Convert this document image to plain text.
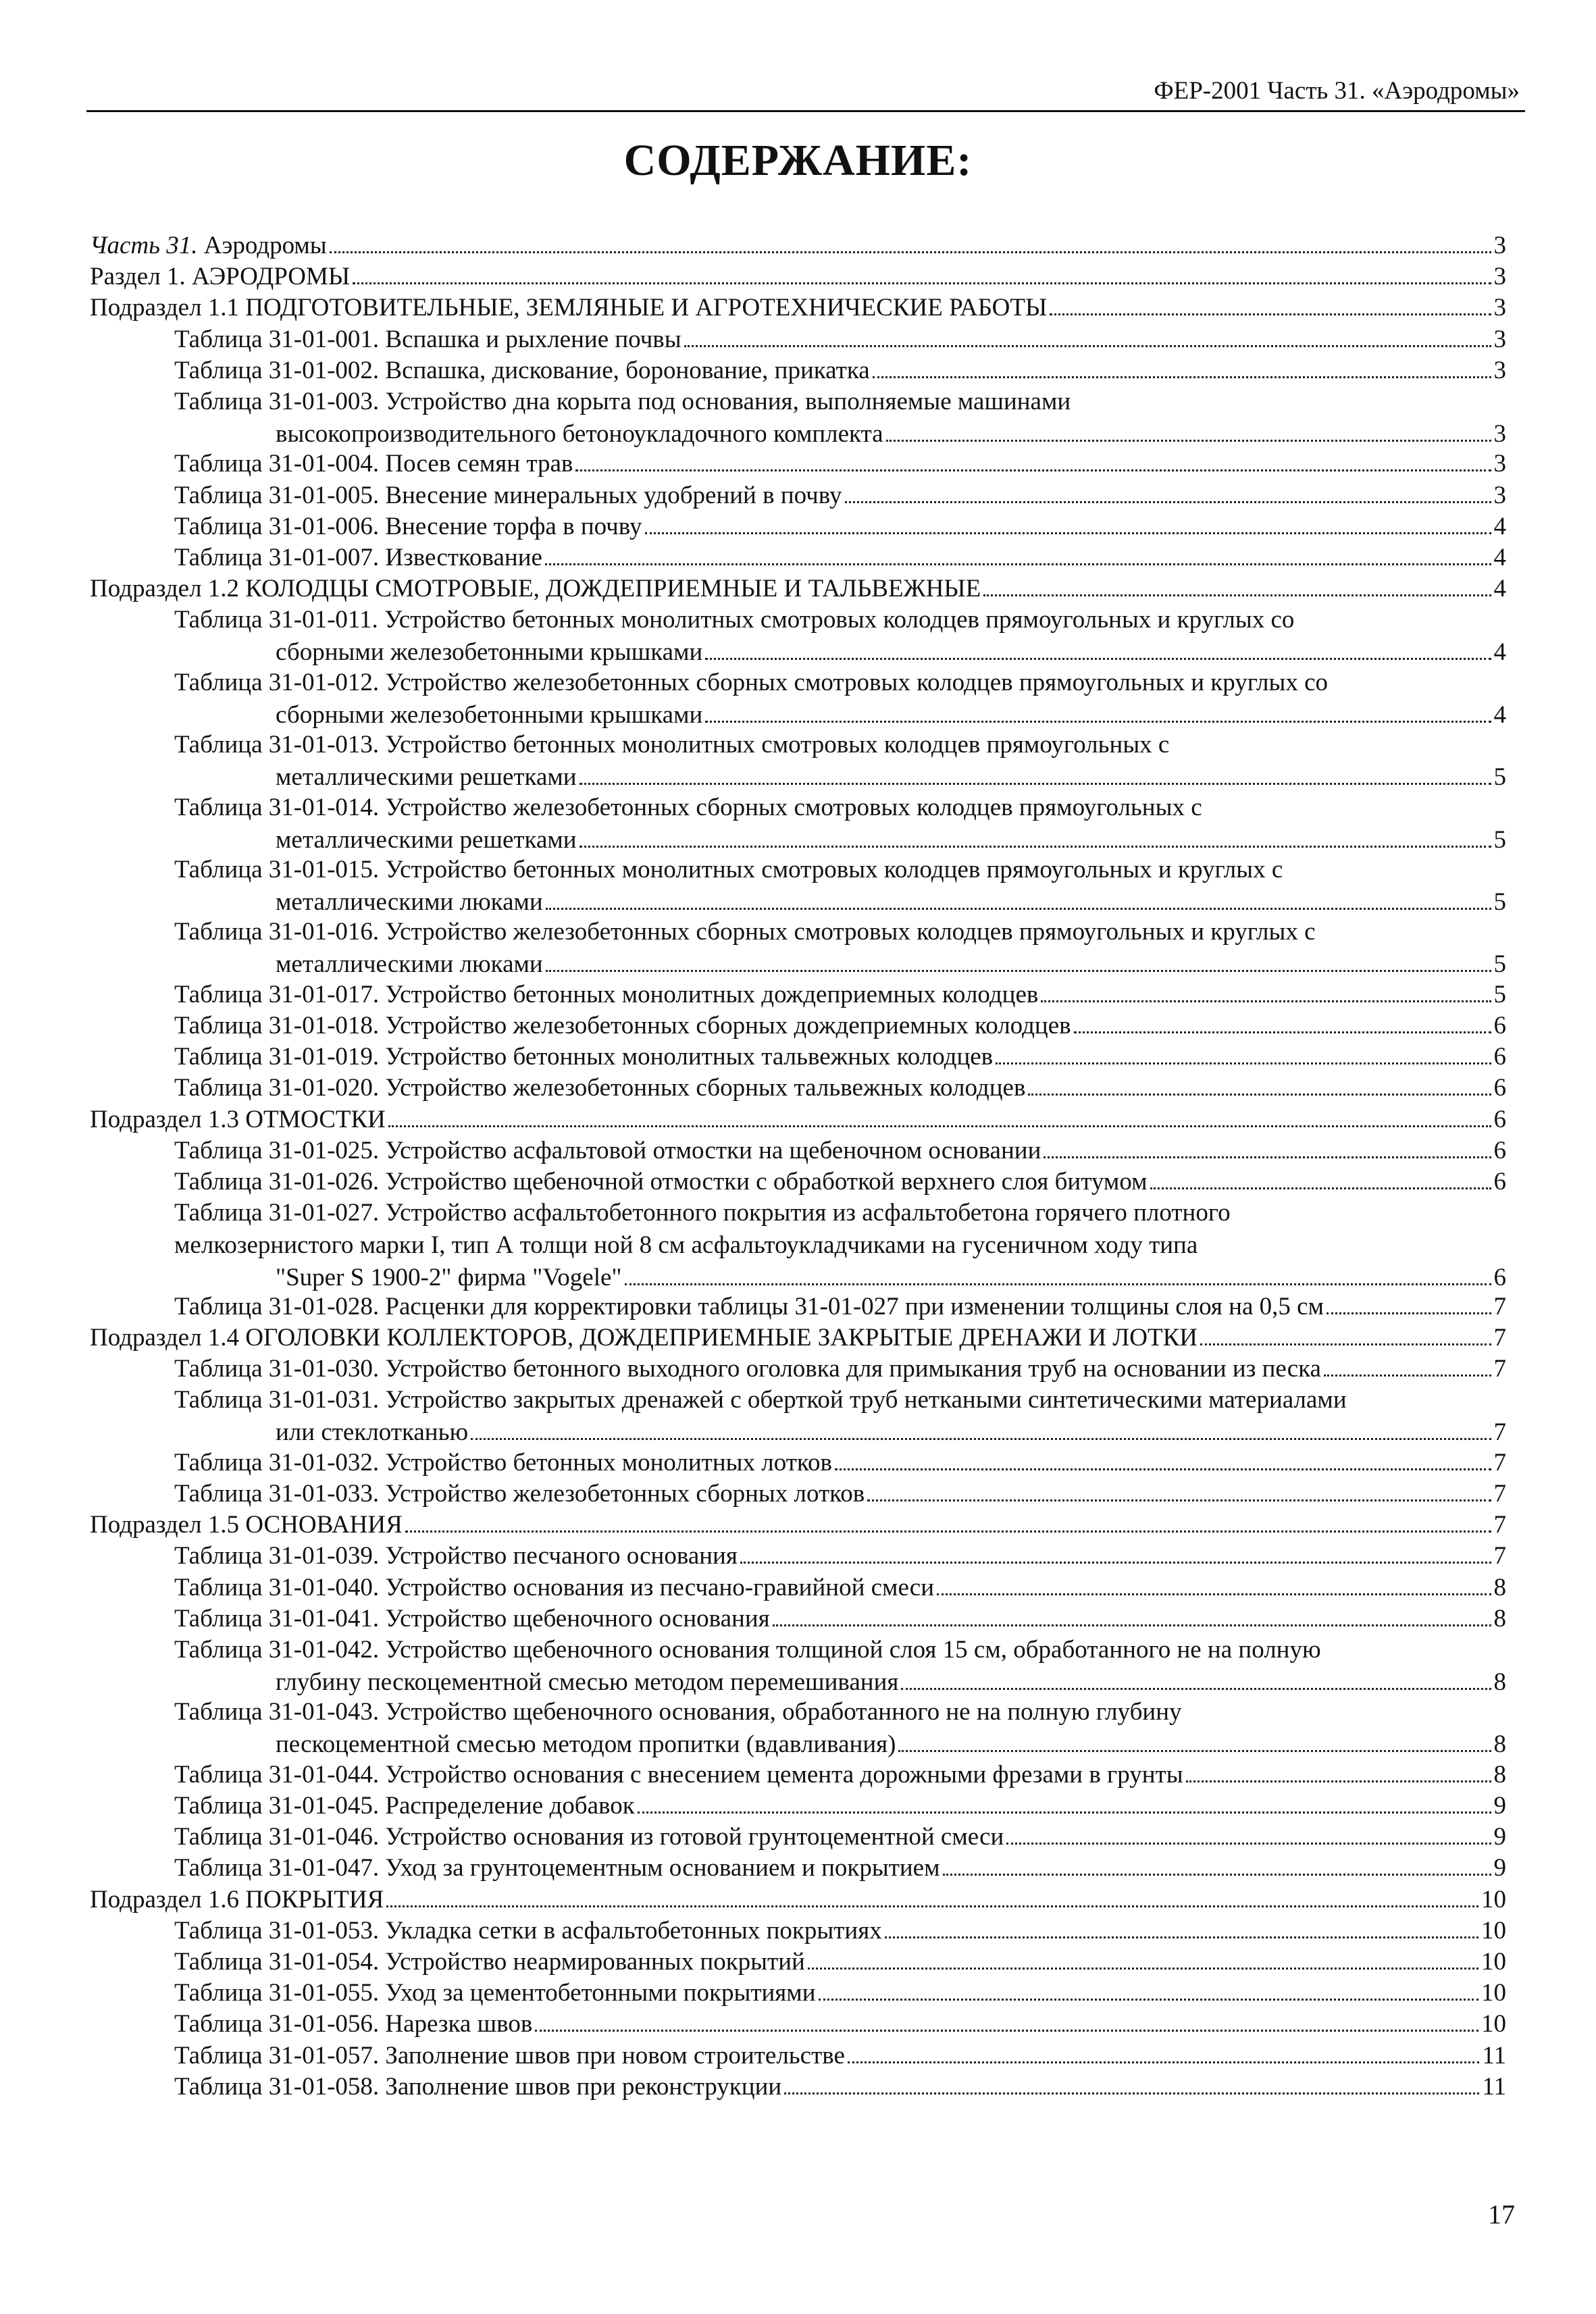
ФЕР-2001 Часть 31. «Аэродромы»
СОДЕРЖАНИЕ:
Часть 31. Аэродромы	3
Раздел 1. АЭРОДРОМЫ	3
Подраздел 1.1 ПОДГОТОВИТЕЛЬНЫЕ, ЗЕМЛЯНЫЕ И АГРОТЕХНИЧЕСКИЕ РАБОТЫ	3
Таблица 31-01-001. Вспашка и рыхление почвы	3
Таблица 31-01-002. Вспашка, дискование, боронование, прикатка	3
Таблица 31-01-003. Устройство дна корыта под основания, выполняемые машинами
высокопроизводительного бетоноукладочного комплекта	3
Таблица 31-01-004. Посев семян трав	3
Таблица 31-01-005. Внесение минеральных удобрений в почву	3
Таблица 31-01-006. Внесение торфа в почву	4
Таблица 31-01-007. Известкование	4
Подраздел 1.2 КОЛОДЦЫ СМОТРОВЫЕ, ДОЖДЕПРИЕМНЫЕ И ТАЛЬВЕЖНЫЕ	4
Таблица 31-01-011. Устройство бетонных монолитных смотровых колодцев прямоугольных и круглых со
сборными железобетонными крышками	4
Таблица 31-01-012. Устройство железобетонных сборных смотровых колодцев прямоугольных и круглых со
сборными железобетонными крышками	4
Таблица 31-01-013. Устройство бетонных монолитных смотровых колодцев прямоугольных с
металлическими решетками	5
Таблица 31-01-014. Устройство железобетонных сборных смотровых колодцев прямоугольных с
металлическими решетками	5
Таблица 31-01-015. Устройство бетонных монолитных смотровых колодцев прямоугольных и круглых с
металлическими люками	5
Таблица 31-01-016. Устройство железобетонных сборных смотровых колодцев прямоугольных и круглых с
металлическими люками	5
Таблица 31-01-017. Устройство бетонных монолитных дождеприемных колодцев	5
Таблица 31-01-018. Устройство железобетонных сборных дождеприемных колодцев	6
Таблица 31-01-019. Устройство бетонных монолитных тальвежных колодцев	6
Таблица 31-01-020. Устройство железобетонных сборных тальвежных колодцев	6
Подраздел 1.3 ОТМОСТКИ	6
Таблица 31-01-025. Устройство асфальтовой отмостки на щебеночном основании	6
Таблица 31-01-026. Устройство щебеночной отмостки с обработкой верхнего слоя битумом	6
Таблица 31-01-027. Устройство асфальтобетонного покрытия из асфальтобетона горячего плотного
мелкозернистого марки I, тип А толщи ной 8 см асфальтоукладчиками на гусеничном ходу типа
"Super S 1900-2" фирма "Vogele"	6
Таблица 31-01-028. Расценки для корректировки таблицы 31-01-027 при изменении толщины слоя на 0,5 см	7
Подраздел 1.4 ОГОЛОВКИ КОЛЛЕКТОРОВ, ДОЖДЕПРИЕМНЫЕ ЗАКРЫТЫЕ ДРЕНАЖИ И ЛОТКИ	7
Таблица 31-01-030. Устройство бетонного выходного оголовка для примыкания труб на основании из песка	7
Таблица 31-01-031. Устройство закрытых дренажей с оберткой труб неткаными синтетическими материалами
или стеклотканью	7
Таблица 31-01-032. Устройство бетонных монолитных лотков	7
Таблица 31-01-033. Устройство железобетонных сборных лотков	7
Подраздел 1.5 ОСНОВАНИЯ	7
Таблица 31-01-039. Устройство песчаного основания	7
Таблица 31-01-040. Устройство основания из песчано-гравийной смеси	8
Таблица 31-01-041. Устройство щебеночного основания	8
Таблица 31-01-042. Устройство щебеночного основания толщиной слоя 15 см, обработанного не на полную
глубину пескоцементной смесью методом перемешивания	8
Таблица 31-01-043. Устройство щебеночного основания, обработанного не на полную глубину
пескоцементной смесью методом пропитки (вдавливания)	8
Таблица 31-01-044. Устройство основания с внесением цемента дорожными фрезами в грунты	8
Таблица 31-01-045. Распределение добавок	9
Таблица 31-01-046. Устройство основания из готовой грунтоцементной смеси	9
Таблица 31-01-047. Уход за грунтоцементным основанием и покрытием	9
Подраздел 1.6 ПОКРЫТИЯ	10
Таблица 31-01-053. Укладка сетки в асфальтобетонных покрытиях	10
Таблица 31-01-054. Устройство неармированных покрытий	10
Таблица 31-01-055. Уход за цементобетонными покрытиями	10
Таблица 31-01-056. Нарезка швов	10
Таблица 31-01-057. Заполнение швов при новом строительстве	11
Таблица 31-01-058. Заполнение швов при реконструкции	11
17
